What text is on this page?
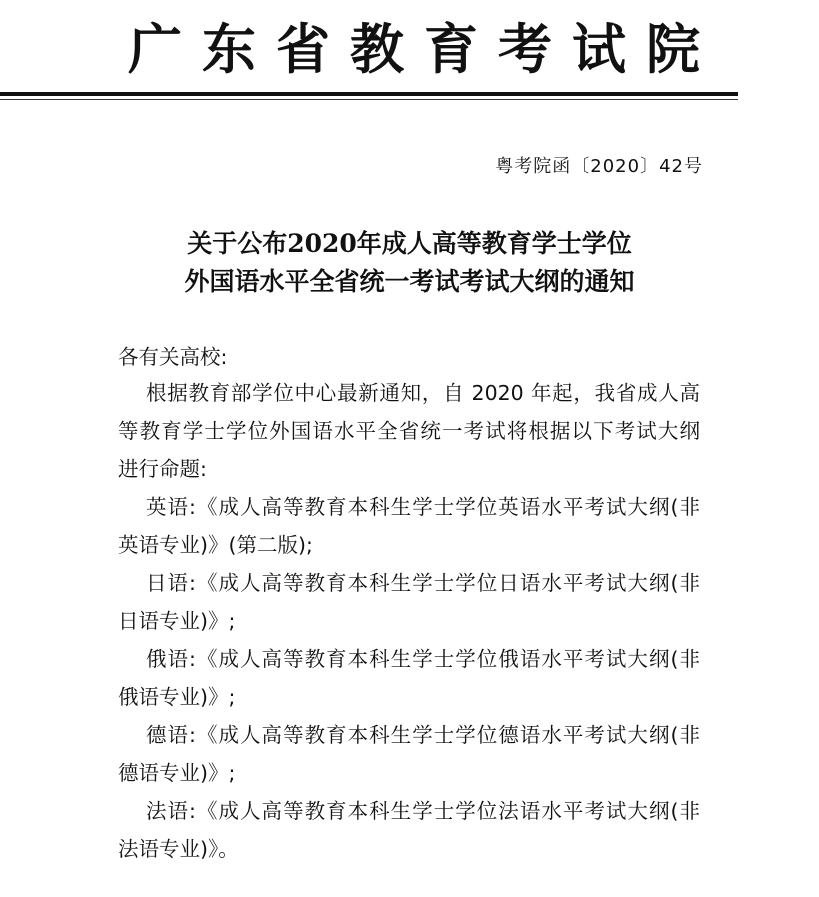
广东省教育考试院
粤考院函〔2020〕42号
关于公布2020年成人高等教育学士学位
外国语水平全省统一考试考试大纲的通知
各有关高校:
根据教育部学位中心最新通知，自 2020 年起，我省成人高
等教育学士学位外国语水平全省统一考试将根据以下考试大纲
进行命题:
英语:《成人高等教育本科生学士学位英语水平考试大纲(非
英语专业)》(第二版);
日语:《成人高等教育本科生学士学位日语水平考试大纲(非
日语专业)》;
俄语:《成人高等教育本科生学士学位俄语水平考试大纲(非
俄语专业)》;
德语:《成人高等教育本科生学士学位德语水平考试大纲(非
德语专业)》;
法语:《成人高等教育本科生学士学位法语水平考试大纲(非
法语专业)》。
